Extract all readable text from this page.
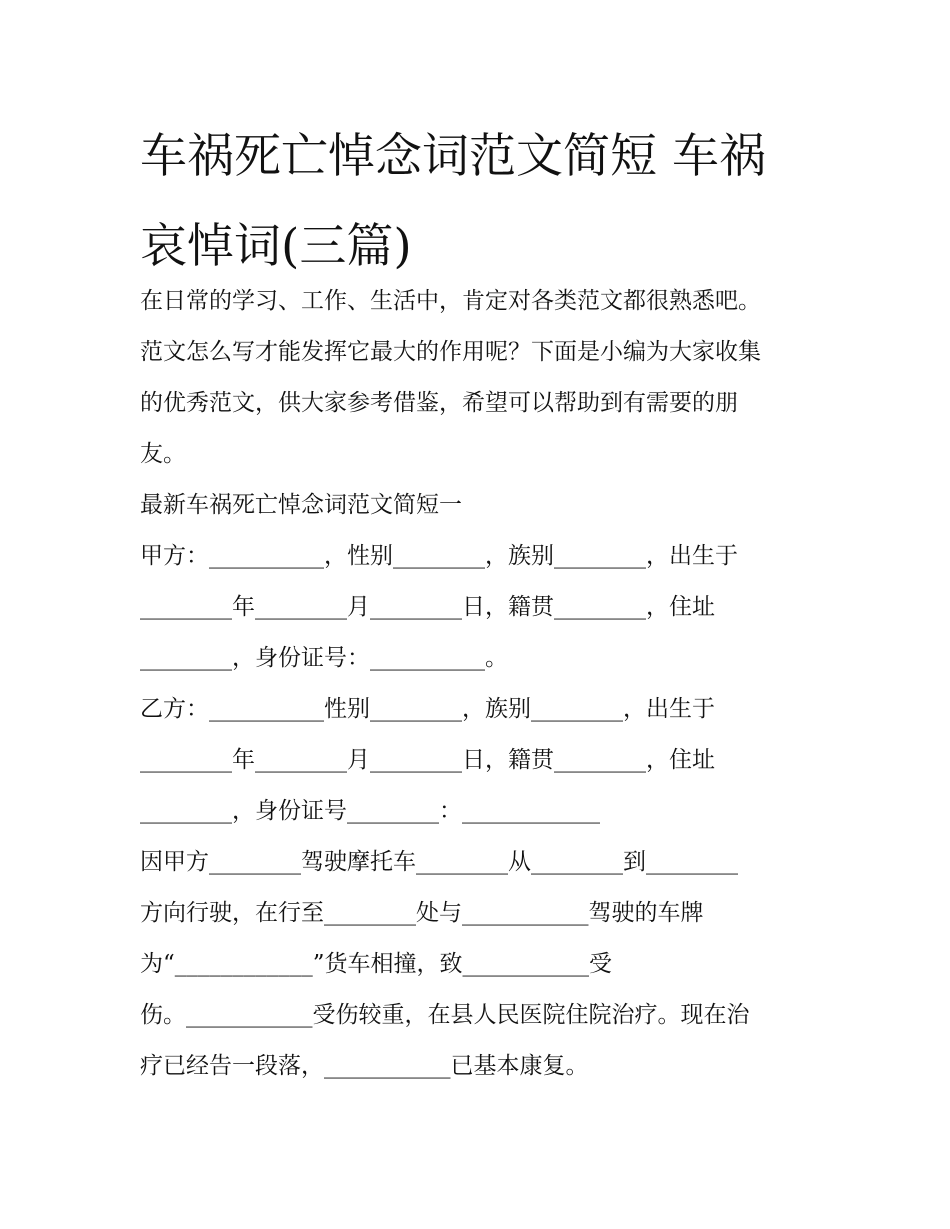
车祸死亡悼念词范文简短 车祸
哀悼词(三篇)
在日常的学习、工作、生活中，肯定对各类范文都很熟悉吧。
范文怎么写才能发挥它最大的作用呢？下面是小编为大家收集
的优秀范文，供大家参考借鉴，希望可以帮助到有需要的朋
友。
最新车祸死亡悼念词范文简短一
甲方：__________，性别________，族别________，出生于
________年________月________日，籍贯________，住址
________，身份证号：__________。
乙方：__________性别________，族别________，出生于
________年________月________日，籍贯________，住址
________，身份证号________：____________
因甲方________驾驶摩托车________从________到________
方向行驶，在行至________处与___________驾驶的车牌
为“____________”货车相撞，致___________受
伤。___________受伤较重，在县人民医院住院治疗。现在治
疗已经告一段落，___________已基本康复。
